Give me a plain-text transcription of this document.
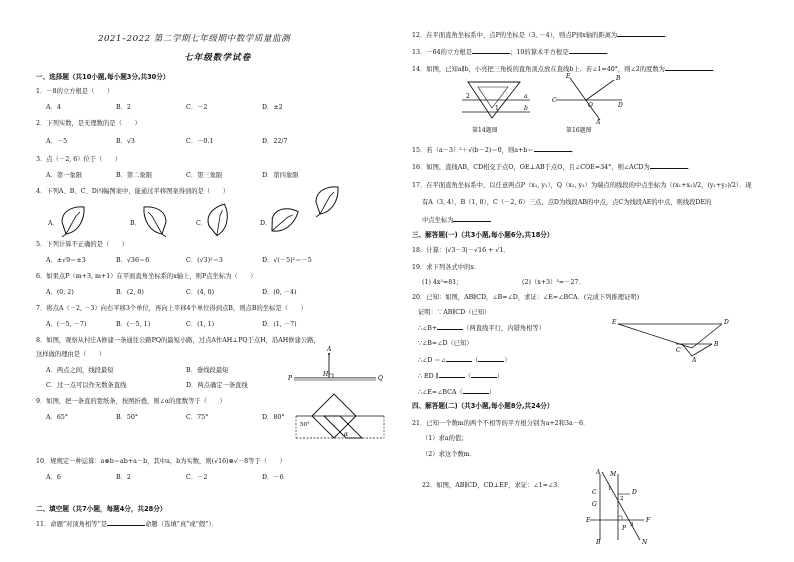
2021–2022 第二学期七年级期中数学质量监测
七年级数学试卷
一、选择题（共10小题,每小题3分,共30分）
1．－8的立方根是（　　）
A．4	B．2	C．－2	D．±2
2．下列实数，是无理数的是（　　）
A．－5	B．√3	C．－0.1	D．22/7
3．点（－2, 6）位于（　　）
A．第一象限	B．第二象限	C．第三象限	D．第四象限
4．下列A、B、C、D四幅图案中，能通过平移图案得到的是（　　）
A．	B．	C．	D．
5．下列计算不正确的是（　　）
A．±√9＝±3	B．√36＝6	C．(√3)²＝3	D．√(－5)²＝－5
6．如果点P（m+3, m+1）在平面直角坐标系的x轴上，则P点坐标为（　　）
A．(0, 2)	B．(2, 0)	C．(4, 0)	D．(0, －4)
7．将点A（－2, －3）向右平移3个单位，再向上平移4个单位得到点B，则点B的坐标是（　　）
A．(－5, －7)	B．(－5, 1)	C．(1, 1)	D．(1, －7)
8．如图，观察从村庄A修建一条通往公路PQ的最短小路，过点A作AH⊥PQ于点H，沿AH修建公路，
这样做的理由是（　　）
A．两点之间，线段最短	B．垂线段最短
C．过一点可以作无数条直线	D．两点确定一条直线
A
H
P	Q
9．如图，把一条直的宽纸条，按图折叠，则∠α的度数等于（　　）
A．65°	B．50°	C．75°	D．80°
50°
α
10．规规定一种运算：a⊗b＝ab+a－b，其中a，b为实数，则(√16)⊗√－8等于（　　）
A．6	B．2	C．－2	D．－6
二、填空题（共7小题，每题4分，共28分）
11．命题“对顶角相等”是	命题（选填“真”或“假”）．
12．在平面直角坐标系中，点P的坐标是（3, －4），则点P到x轴的距离为	．
13．－64的立方根是	；10的算术平方根是	．
14．如图，已知a∥b，小亮把三角板的直角顶点放在直线b上．若∠1=40°，则∠2的度数为	．
2
1
a
b
第14题图
E	B
C
O	D
A
第16题图
15．若（a－3）²＋√(b－2)＝0，则a+b＝	．
16．如图，直线AB，CD相交于点O，OE⊥AB于点O，且∠COE=34°，则∠ACD为	．
17．在平面直角坐标系中，以任意两点P（x₁, y₁），Q（x₂, y₂）为端点的线段的中点坐标为（(x₁+x₂)/2，(y₁+y₂)/2）．现
有A（3, 4），B（1, 8），C（－2, 6）三点，点D为线段AB的中点，点C为线段AE的中点，则线段DE的
中点坐标为
三、解答题(一)（共3小题,每小题6分,共18分）
18．计算：|√3－3|－√16 + √1．
19．求下列各式中的x．
(1) 4x²=81；	(2)（x+3）³=－27．
20．已知：如图，AB∥CD，∠B=∠D，求证：∠E=∠BCA．(完成下列推理证明)
证明：∵AB∥CD（已知）
∴∠B+	（两直线平行，内错角相等）
∵∠B=∠D（已知）
∴∠D ＝∠	（	）
∴ ED ∥	（	）
∴∠E=∠BCA（	）
E	D
C
B
A
四、解答题(二)（共3小题,每小题8分,共24分）
21．已知一个数m的两个不相等的平方根分别为a+2和3a－6．
（1）求a的值；
（2）求这个数m．
22．如图，AB∥CD，CD⊥EF，求证：∠1=∠3．
A M
C	D
G
E	F
B	N
P
1
2
3
